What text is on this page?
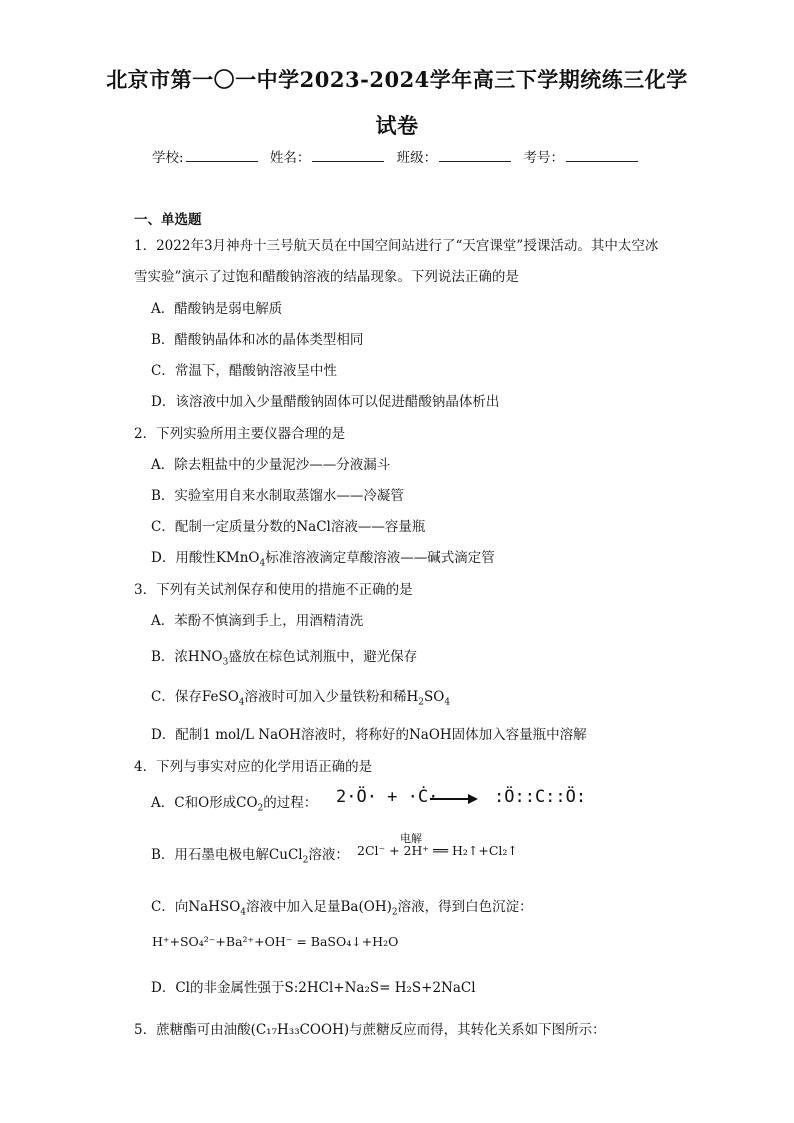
北京市第一〇一中学2023-2024学年高三下学期统练三化学
试卷
学校:	姓名：	班级：	考号：
一、单选题
1．2022年3月神舟十三号航天员在中国空间站进行了“天宫课堂”授课活动。其中太空冰
雪实验”演示了过饱和醋酸钠溶液的结晶现象。下列说法正确的是
A．醋酸钠是弱电解质
B．醋酸钠晶体和冰的晶体类型相同
C．常温下，醋酸钠溶液呈中性
D．该溶液中加入少量醋酸钠固体可以促进醋酸钠晶体析出
2．下列实验所用主要仪器合理的是
A．除去粗盐中的少量泥沙——分液漏斗
B．实验室用自来水制取蒸馏水——冷凝管
C．配制一定质量分数的NaCl溶液——容量瓶
D．用酸性KMnO$_4$标准溶液滴定草酸溶液——碱式滴定管
3．下列有关试剂保存和使用的措施不正确的是
A．苯酚不慎滴到手上，用酒精清洗
B．浓$HNO_3$盛放在棕色试剂瓶中，避光保存
C．保存FeSO$_4$溶液时可加入少量铁粉和稀$H_2SO_4$
D．配制1 mol/L NaOH溶液时，将称好的NaOH固体加入容量瓶中溶解
4．下列与事实对应的化学用语正确的是
A．C和O形成$CO_2$的过程： 2·Ö· + ·Ċ· → :Ö::C::Ö:
B．用石墨电极电解CuCl$_2$溶液：
电解
2Cl⁻ + 2H⁺ ══ H₂↑+Cl₂↑
C．向NaHSO$_4$溶液中加入足量$Ba(OH)_2$溶液，得到白色沉淀：
H⁺+SO₄²⁻+Ba²⁺+OH⁻ = BaSO₄↓+H₂O
D．Cl的非金属性强于S:2HCl+Na₂S= H₂S+2NaCl
5．蔗糖酯可由油酸(C₁₇H₃₃COOH)与蔗糖反应而得，其转化关系如下图所示：
